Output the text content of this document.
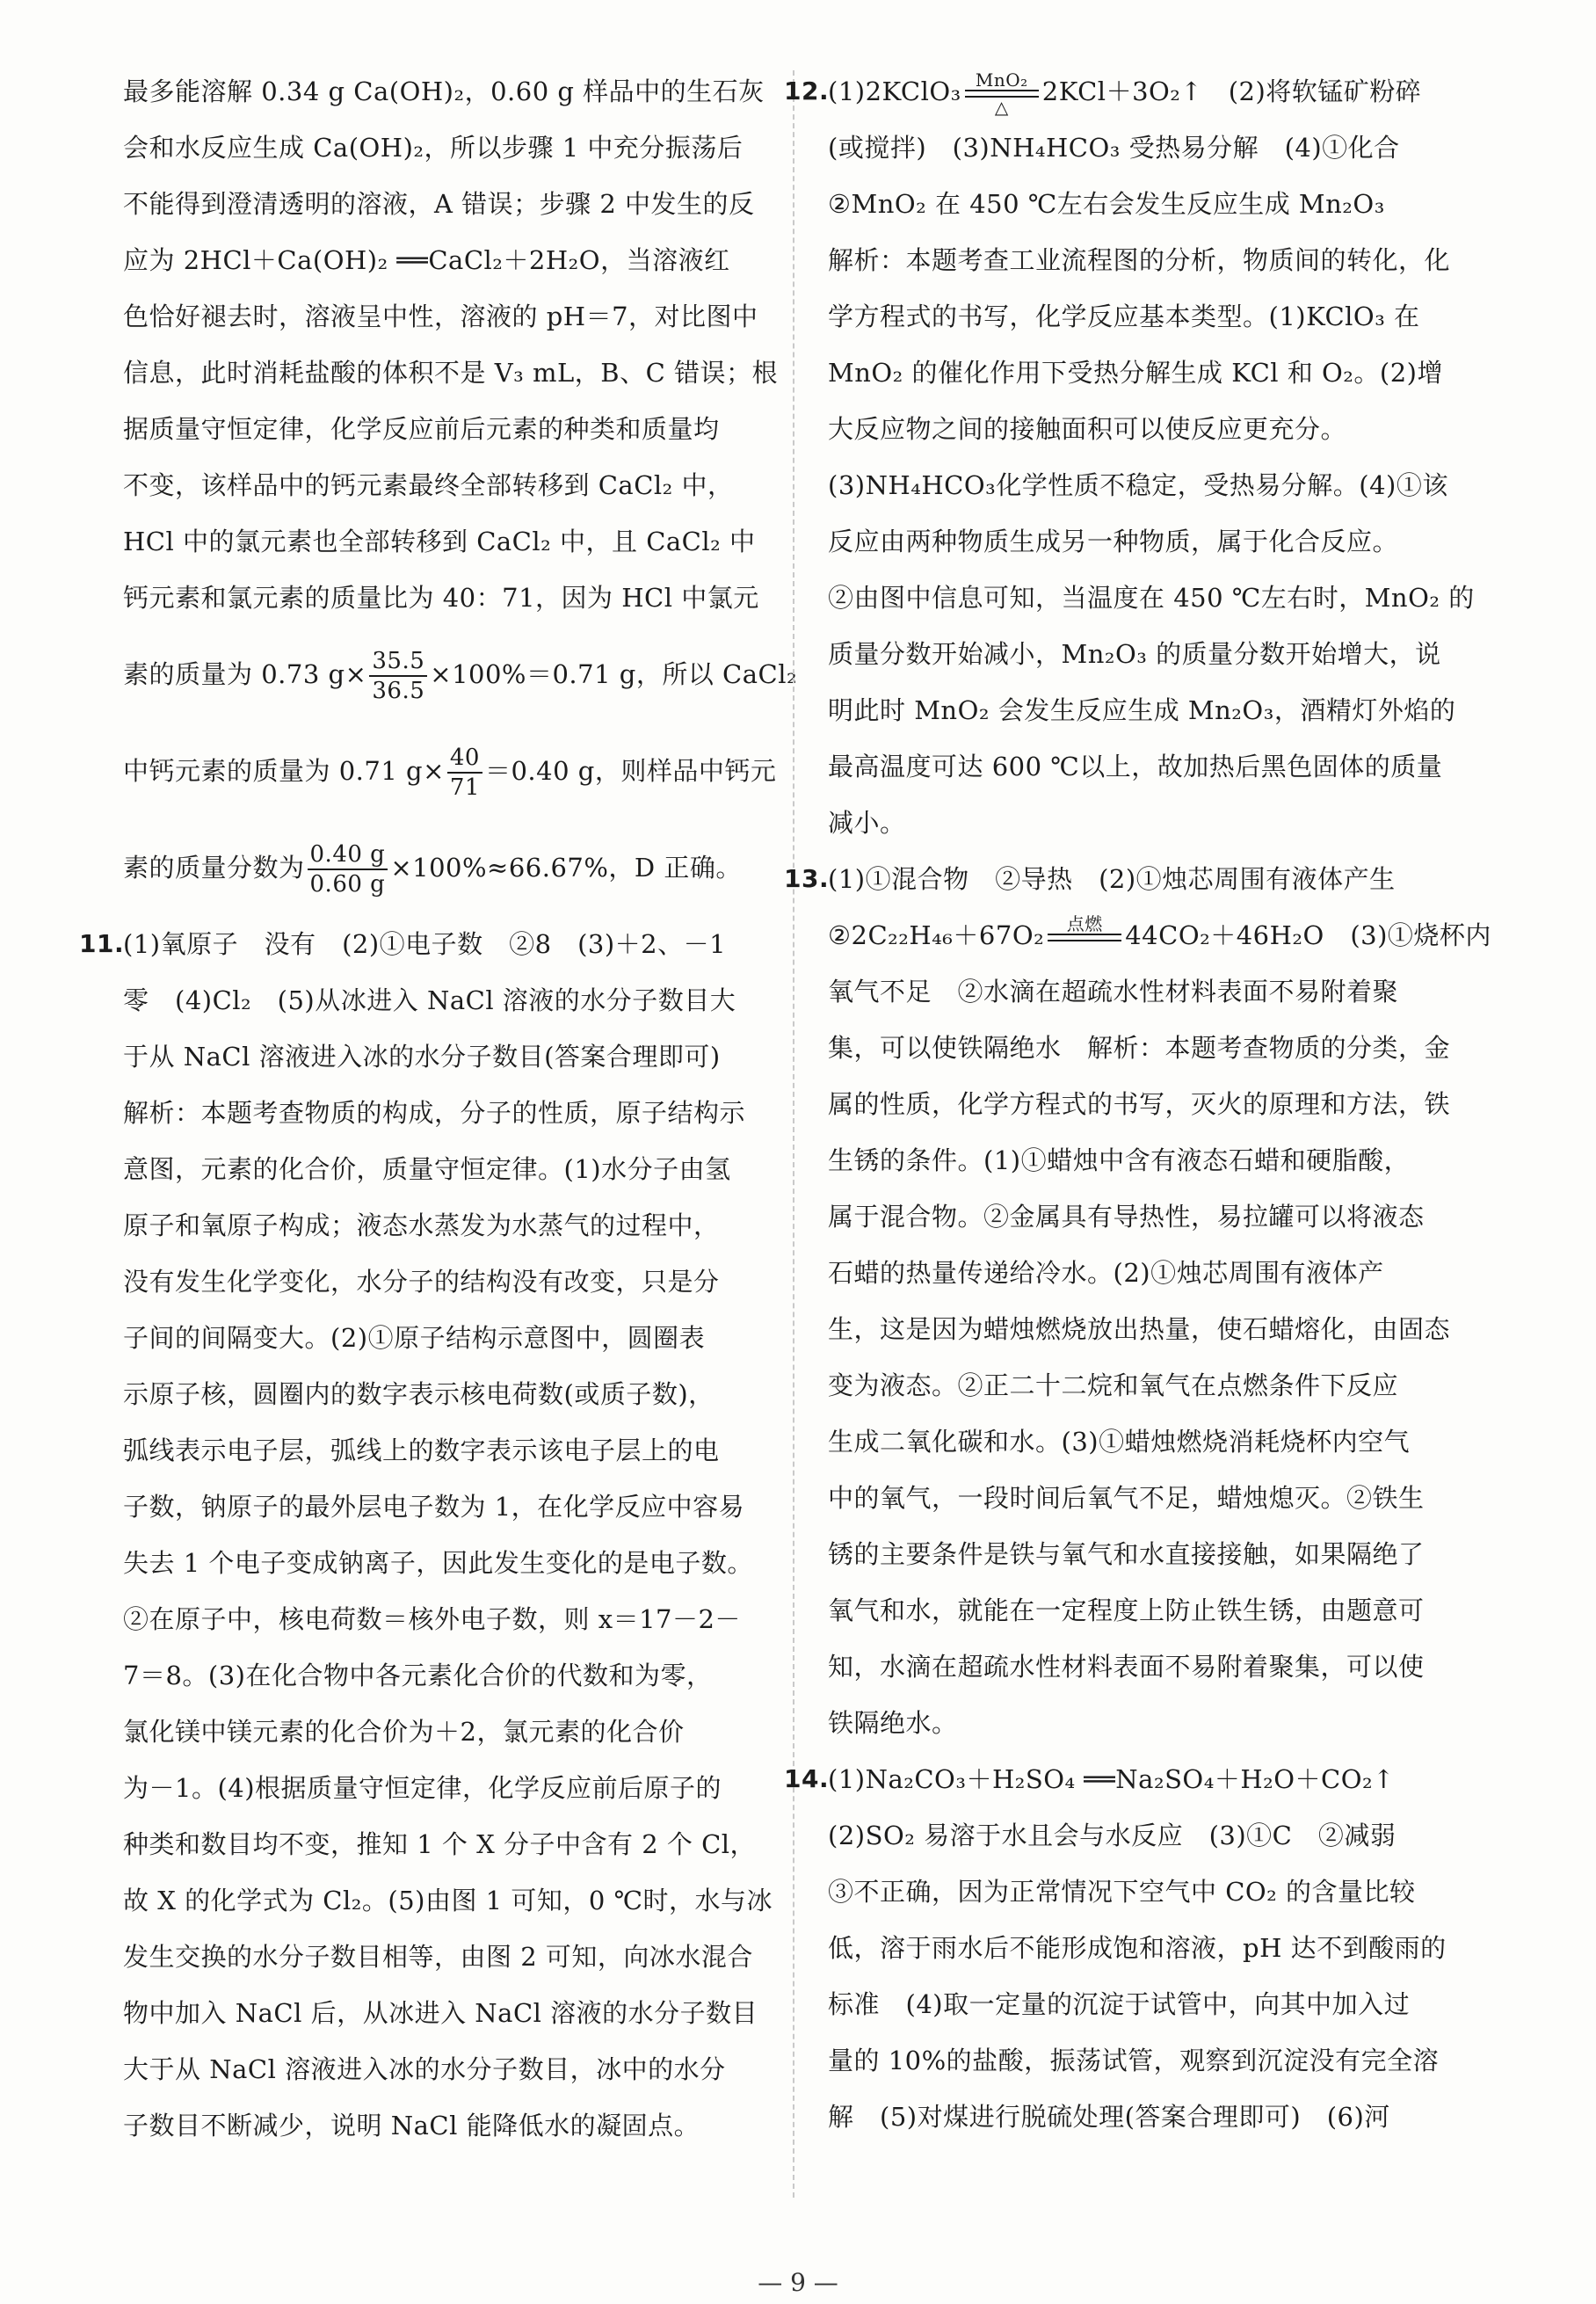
最多能溶解 0.34 g Ca(OH)₂，0.60 g 样品中的生石灰
会和水反应生成 Ca(OH)₂，所以步骤 1 中充分振荡后
不能得到澄清透明的溶液，A 错误；步骤 2 中发生的反
应为 2HCl＋Ca(OH)₂ ══CaCl₂＋2H₂O，当溶液红
色恰好褪去时，溶液呈中性，溶液的 pH＝7，对比图中
信息，此时消耗盐酸的体积不是 V₃ mL，B、C 错误；根
据质量守恒定律，化学反应前后元素的种类和质量均
不变，该样品中的钙元素最终全部转移到 CaCl₂ 中，
HCl 中的氯元素也全部转移到 CaCl₂ 中，且 CaCl₂ 中
钙元素和氯元素的质量比为 40：71，因为 HCl 中氯元
素的质量为 0.73 $g\times \frac{35.5}{36.5} \times 100\%=0.71$ g，所以 CaCl₂
中钙元素的质量为 0.71 $g\times \frac{40}{71} =0.40$ g，则样品中钙元
素的质量分数为 $\frac{0.40 g}{0.60 g} \times 100\%\approx 66.67\%$，D 正确。
11.
(1)氧原子　没有　(2)①电子数　②8　(3)＋2、－1
零　(4)Cl₂　(5)从冰进入 NaCl 溶液的水分子数目大
于从 NaCl 溶液进入冰的水分子数目(答案合理即可)
解析：本题考查物质的构成，分子的性质，原子结构示
意图，元素的化合价，质量守恒定律。(1)水分子由氢
原子和氧原子构成；液态水蒸发为水蒸气的过程中，
没有发生化学变化，水分子的结构没有改变，只是分
子间的间隔变大。(2)①原子结构示意图中，圆圈表
示原子核，圆圈内的数字表示核电荷数(或质子数)，
弧线表示电子层，弧线上的数字表示该电子层上的电
子数，钠原子的最外层电子数为 1，在化学反应中容易
失去 1 个电子变成钠离子，因此发生变化的是电子数。
②在原子中，核电荷数＝核外电子数，则 x＝17－2－
7＝8。(3)在化合物中各元素化合价的代数和为零，
氯化镁中镁元素的化合价为＋2，氯元素的化合价
为－1。(4)根据质量守恒定律，化学反应前后原子的
种类和数目均不变，推知 1 个 X 分子中含有 2 个 Cl，
故 X 的化学式为 Cl₂。(5)由图 1 可知，0 ℃时，水与冰
发生交换的水分子数目相等，由图 2 可知，向冰水混合
物中加入 NaCl 后，从冰进入 NaCl 溶液的水分子数目
大于从 NaCl 溶液进入冰的水分子数目，冰中的水分
子数目不断减少，说明 NaCl 能降低水的凝固点。
12.
(1)2KClO₃ MnO₂
△
2KCl＋3O₂↑　(2)将软锰矿粉碎
(或搅拌)　(3)NH₄HCO₃ 受热易分解　(4)①化合
②MnO₂ 在 450 ℃左右会发生反应生成 Mn₂O₃
解析：本题考查工业流程图的分析，物质间的转化，化
学方程式的书写，化学反应基本类型。(1)KClO₃ 在
MnO₂ 的催化作用下受热分解生成 KCl 和 O₂。(2)增
大反应物之间的接触面积可以使反应更充分。
(3)NH₄HCO₃化学性质不稳定，受热易分解。(4)①该
反应由两种物质生成另一种物质，属于化合反应。
②由图中信息可知，当温度在 450 ℃左右时，MnO₂ 的
质量分数开始减小，Mn₂O₃ 的质量分数开始增大，说
明此时 MnO₂ 会发生反应生成 Mn₂O₃，酒精灯外焰的
最高温度可达 600 ℃以上，故加热后黑色固体的质量
减小。
13.
(1)①混合物　②导热　(2)①烛芯周围有液体产生
②2C₂₂H₄₆＋67O₂	点燃
44CO₂＋46H₂O　(3)①烧杯内
氧气不足　②水滴在超疏水性材料表面不易附着聚
集，可以使铁隔绝水　解析：本题考查物质的分类，金
属的性质，化学方程式的书写，灭火的原理和方法，铁
生锈的条件。(1)①蜡烛中含有液态石蜡和硬脂酸，
属于混合物。②金属具有导热性，易拉罐可以将液态
石蜡的热量传递给冷水。(2)①烛芯周围有液体产
生，这是因为蜡烛燃烧放出热量，使石蜡熔化，由固态
变为液态。②正二十二烷和氧气在点燃条件下反应
生成二氧化碳和水。(3)①蜡烛燃烧消耗烧杯内空气
中的氧气，一段时间后氧气不足，蜡烛熄灭。②铁生
锈的主要条件是铁与氧气和水直接接触，如果隔绝了
氧气和水，就能在一定程度上防止铁生锈，由题意可
知，水滴在超疏水性材料表面不易附着聚集，可以使
铁隔绝水。
14.
(1)Na₂CO₃＋H₂SO₄ ══Na₂SO₄＋H₂O＋CO₂↑
(2)SO₂ 易溶于水且会与水反应　(3)①C　②减弱
③不正确，因为正常情况下空气中 CO₂ 的含量比较
低，溶于雨水后不能形成饱和溶液，pH 达不到酸雨的
标准　(4)取一定量的沉淀于试管中，向其中加入过
量的 10%的盐酸，振荡试管，观察到沉淀没有完全溶
解　(5)对煤进行脱硫处理(答案合理即可)　(6)河
— 9 —
